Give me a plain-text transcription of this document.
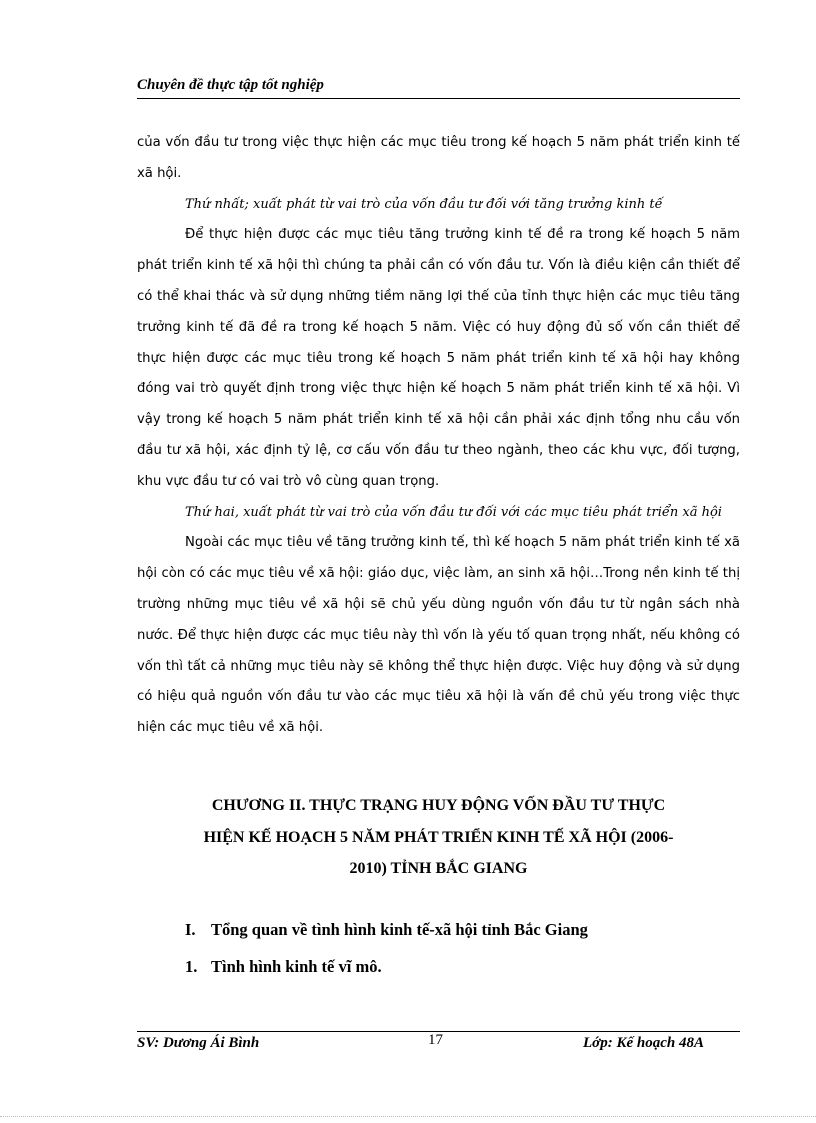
Chuyên đề thực tập tốt nghiệp

của vốn đầu tư trong việc thực hiện các mục tiêu trong kế hoạch 5 năm phát triển kinh tế xã hội.

Thứ nhất; xuất phát từ vai trò của vốn đầu tư đối với tăng trưởng kinh tế

Để thực hiện được các mục tiêu tăng trưởng kinh tế đề ra trong kế hoạch 5 năm phát triển kinh tế xã hội thì chúng ta phải cần có vốn đầu tư. Vốn là điều kiện cần thiết để có thể khai thác và sử dụng những tiềm năng lợi thế của tỉnh thực hiện các mục tiêu tăng trưởng kinh tế đã đề ra trong kế hoạch 5 năm. Việc có huy động đủ số vốn cần thiết để thực hiện được các mục tiêu trong kế hoạch 5 năm phát triển kinh tế xã hội hay không đóng vai trò quyết định trong việc thực hiện kế hoạch 5 năm phát triển kinh tế xã hội. Vì vậy trong kế hoạch 5 năm phát triển kinh tế xã hội cần phải xác định tổng nhu cầu vốn đầu tư xã hội, xác định tỷ lệ, cơ cấu vốn đầu tư theo ngành, theo các khu vực, đối tượng, khu vực đầu tư có vai trò vô cùng quan trọng.

Thứ hai, xuất phát từ vai trò của vốn đầu tư đối với các mục tiêu phát triển xã hội

Ngoài các mục tiêu về tăng trưởng kinh tế, thì kế hoạch 5 năm phát triển kinh tế xã hội còn có các mục tiêu về xã hội: giáo dục, việc làm, an sinh xã hội…Trong nền kinh tế thị trường những mục tiêu về xã hội sẽ chủ yếu dùng nguồn vốn đầu tư từ ngân sách nhà nước. Để thực hiện được các mục tiêu này thì vốn là yếu tố quan trọng nhất, nếu không có vốn thì tất cả những mục tiêu này sẽ không thể thực hiện được. Việc huy động và sử dụng có hiệu quả nguồn vốn đầu tư vào các mục tiêu xã hội là vấn đề chủ yếu trong việc thực hiện các mục tiêu về xã hội.

CHƯƠNG II. THỰC TRẠNG HUY ĐỘNG VỐN ĐẦU TƯ THỰC
HIỆN KẾ HOẠCH 5 NĂM PHÁT TRIỂN KINH TẾ XÃ HỘI (2006-
2010) TỈNH BẮC GIANG
I. Tổng quan về tình hình kinh tế-xã hội tỉnh Bắc Giang
1. Tình hình kinh tế vĩ mô.
SV: Dương Ái Bình	17	Lớp: Kế hoạch 48A
